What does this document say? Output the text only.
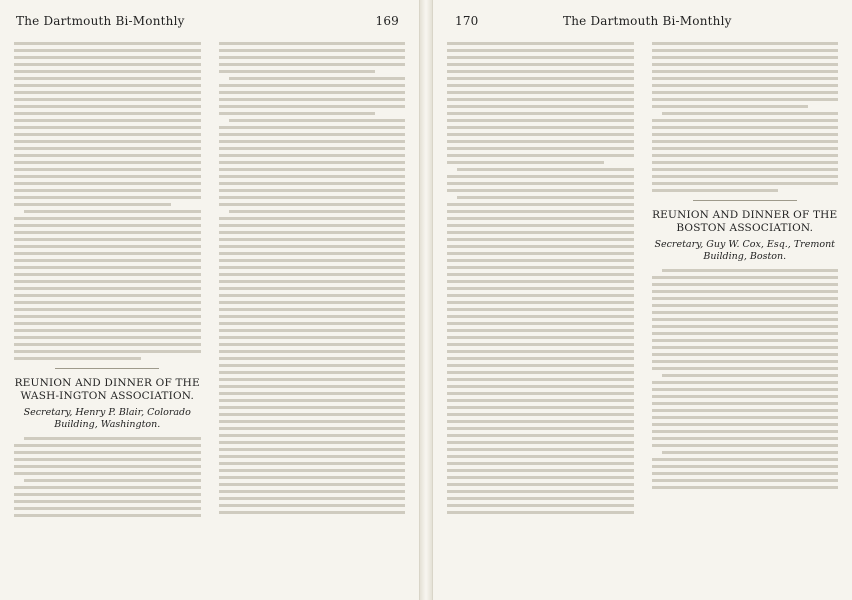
The Dartmouth Bi-Monthly	169
REUNION AND DINNER OF THE WASH-INGTON ASSOCIATION.
Secretary, Henry P. Blair, Colorado Building, Washington.
170	The Dartmouth Bi-Monthly
REUNION AND DINNER OF THE BOSTON ASSOCIATION.
Secretary, Guy W. Cox, Esq., Tremont Building, Boston.
